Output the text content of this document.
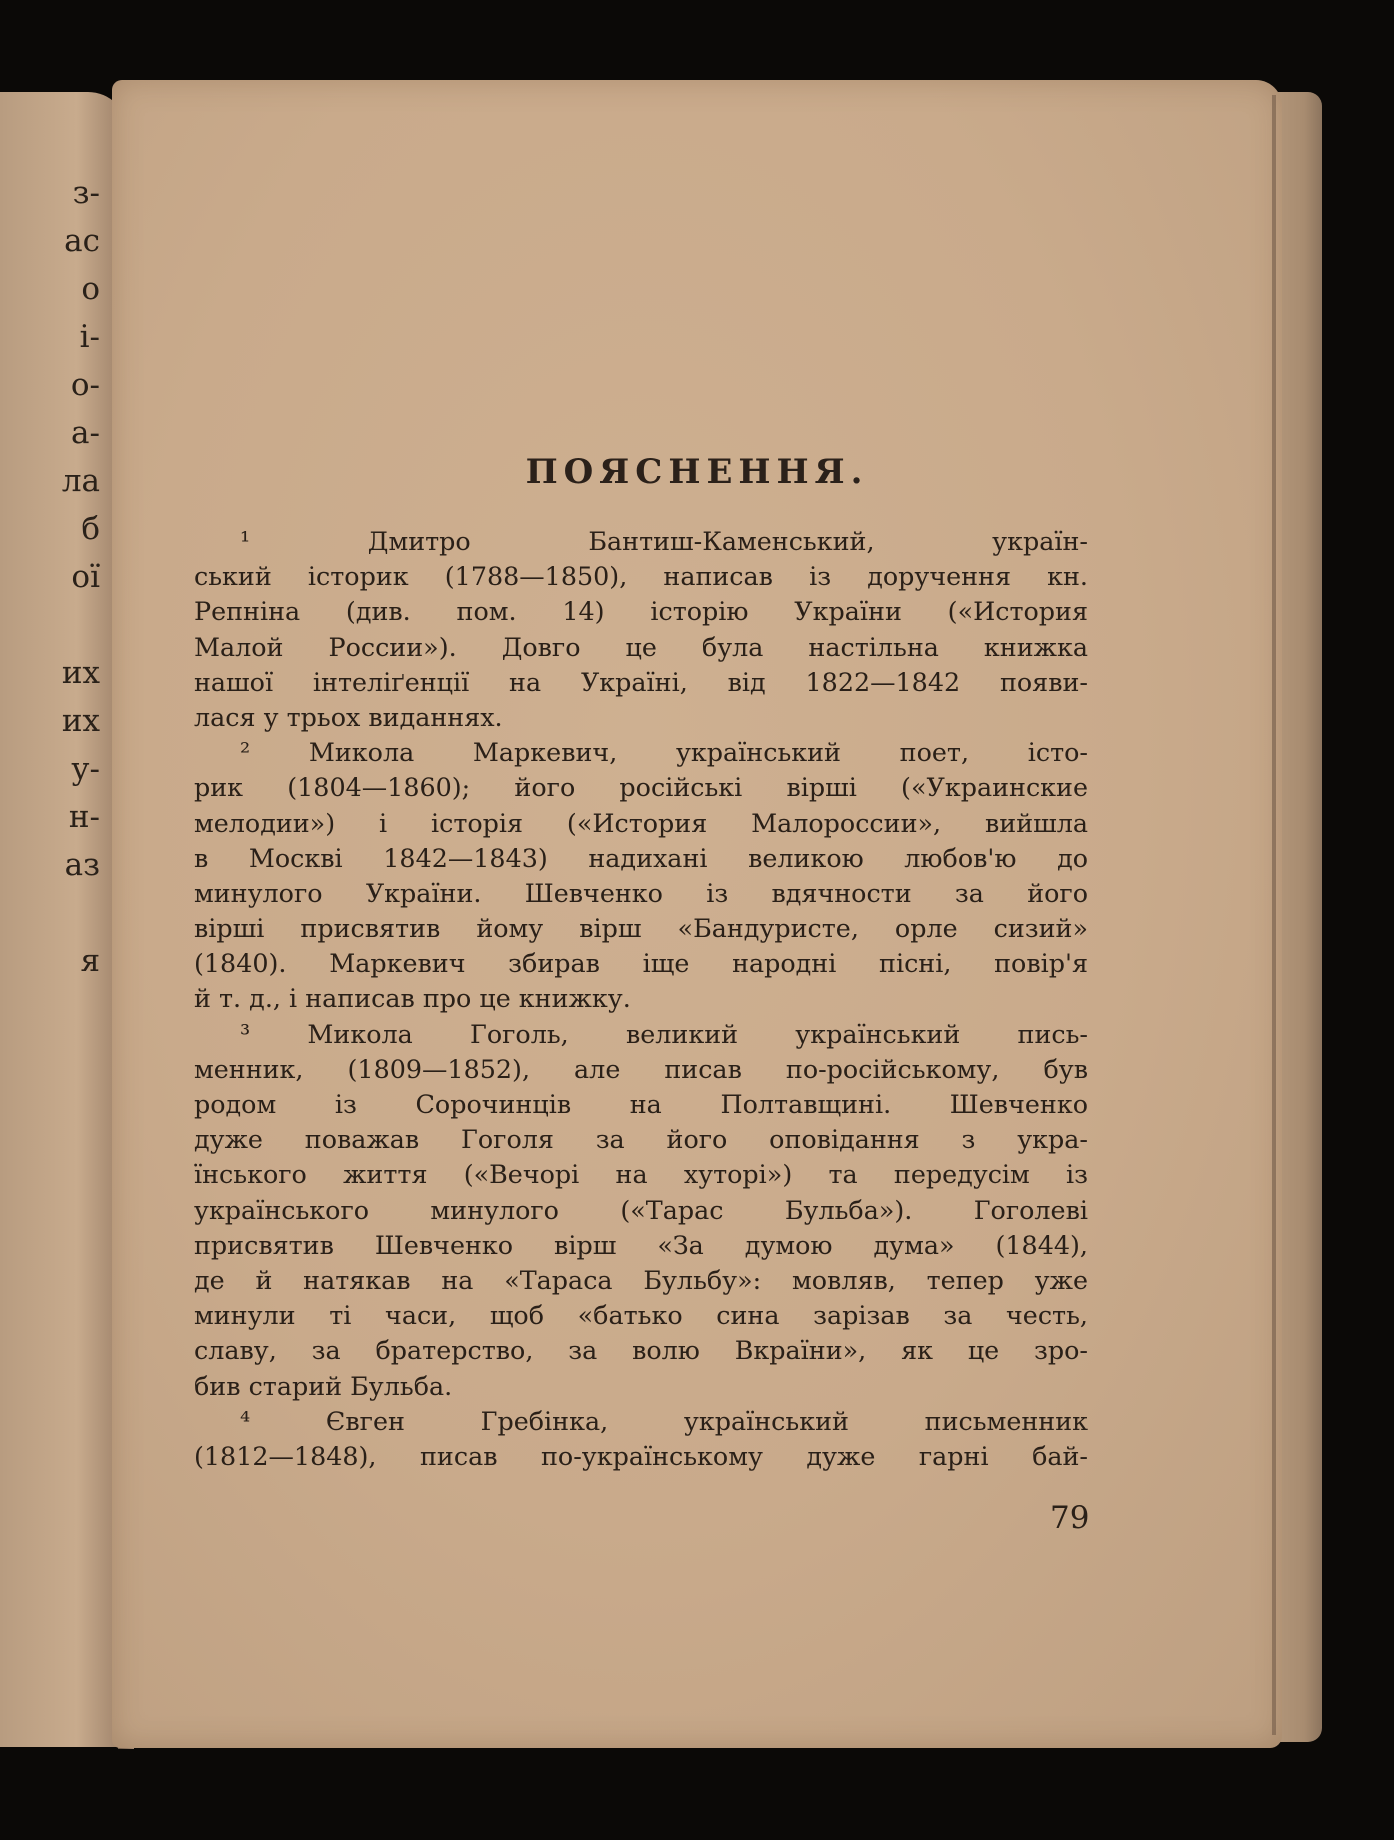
з-
ас
о
і-
о-
а-
ла
б
ої
их
их
у-
н-
аз
я
ПОЯСНЕННЯ.
¹ Дмитро Бантиш-Каменський, україн-
ський історик (1788—1850), написав із доручення кн.
Репніна (див. пом. 14) історію України («История
Малой России»). Довго це була настільна книжка
нашої інтеліґенції на Україні, від 1822—1842 появи-
лася у трьох виданнях.
² Микола Маркевич, український поет, істо-
рик (1804—1860); його російські вірші («Украинские
мелодии») і історія («История Малороссии», вийшла
в Москві 1842—1843) надихані великою любов'ю до
минулого України. Шевченко із вдячности за його
вірші присвятив йому вірш «Бандуристе, орле сизий»
(1840). Маркевич збирав іще народні пісні, повір'я
й т. д., і написав про це книжку.
³ Микола Гоголь, великий український пись-
менник, (1809—1852), але писав по-російському, був
родом із Сорочинців на Полтавщині. Шевченко
дуже поважав Гоголя за його оповідання з укра-
їнського життя («Вечорі на хуторі») та передусім із
українського минулого («Тарас Бульба»). Гоголеві
присвятив Шевченко вірш «За думою дума» (1844),
де й натякав на «Тараса Бульбу»: мовляв, тепер уже
минули ті часи, щоб «батько сина зарізав за честь,
славу, за братерство, за волю Вкраїни», як це зро-
бив старий Бульба.
⁴ Євген Гребінка, український письменник
(1812—1848), писав по-українському дуже гарні бай-
79
